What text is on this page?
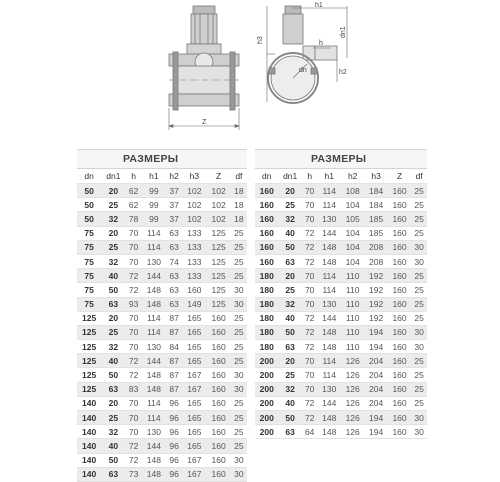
Z
h1
h
h3
h2
dn1
dn
РАЗМЕРЫ
dn	dn1	h	h1	h2	h3	Z	df
50	20	62	99	37	102	102	18
50	25	62	99	37	102	102	18
50	32	78	99	37	102	102	18
75	20	70	114	63	133	125	25
75	25	70	114	63	133	125	25
75	32	70	130	74	133	125	25
75	40	72	144	63	133	125	25
75	50	72	148	63	160	125	30
75	63	93	148	63	149	125	30
125	20	70	114	87	165	160	25
125	25	70	114	87	165	160	25
125	32	70	130	84	165	160	25
125	40	72	144	87	165	160	25
125	50	72	148	87	167	160	30
125	63	83	148	87	167	160	30
140	20	70	114	96	165	160	25
140	25	70	114	96	165	160	25
140	32	70	130	96	165	160	25
140	40	72	144	96	165	160	25
140	50	72	148	96	167	160	30
140	63	73	148	96	167	160	30
РАЗМЕРЫ
dn	dn1	h	h1	h2	h3	Z	df
160	20	70	114	108	184	160	25
160	25	70	114	104	184	160	25
160	32	70	130	105	185	160	25
160	40	72	144	104	185	160	25
160	50	72	148	104	208	160	30
160	63	72	148	104	208	160	30
180	20	70	114	110	192	160	25
180	25	70	114	110	192	160	25
180	32	70	130	110	192	160	25
180	40	72	144	110	192	160	25
180	50	72	148	110	194	160	30
180	63	72	148	110	194	160	30
200	20	70	114	126	204	160	25
200	25	70	114	126	204	160	25
200	32	70	130	126	204	160	25
200	40	72	144	126	204	160	25
200	50	72	148	126	194	160	30
200	63	64	148	126	194	160	30
